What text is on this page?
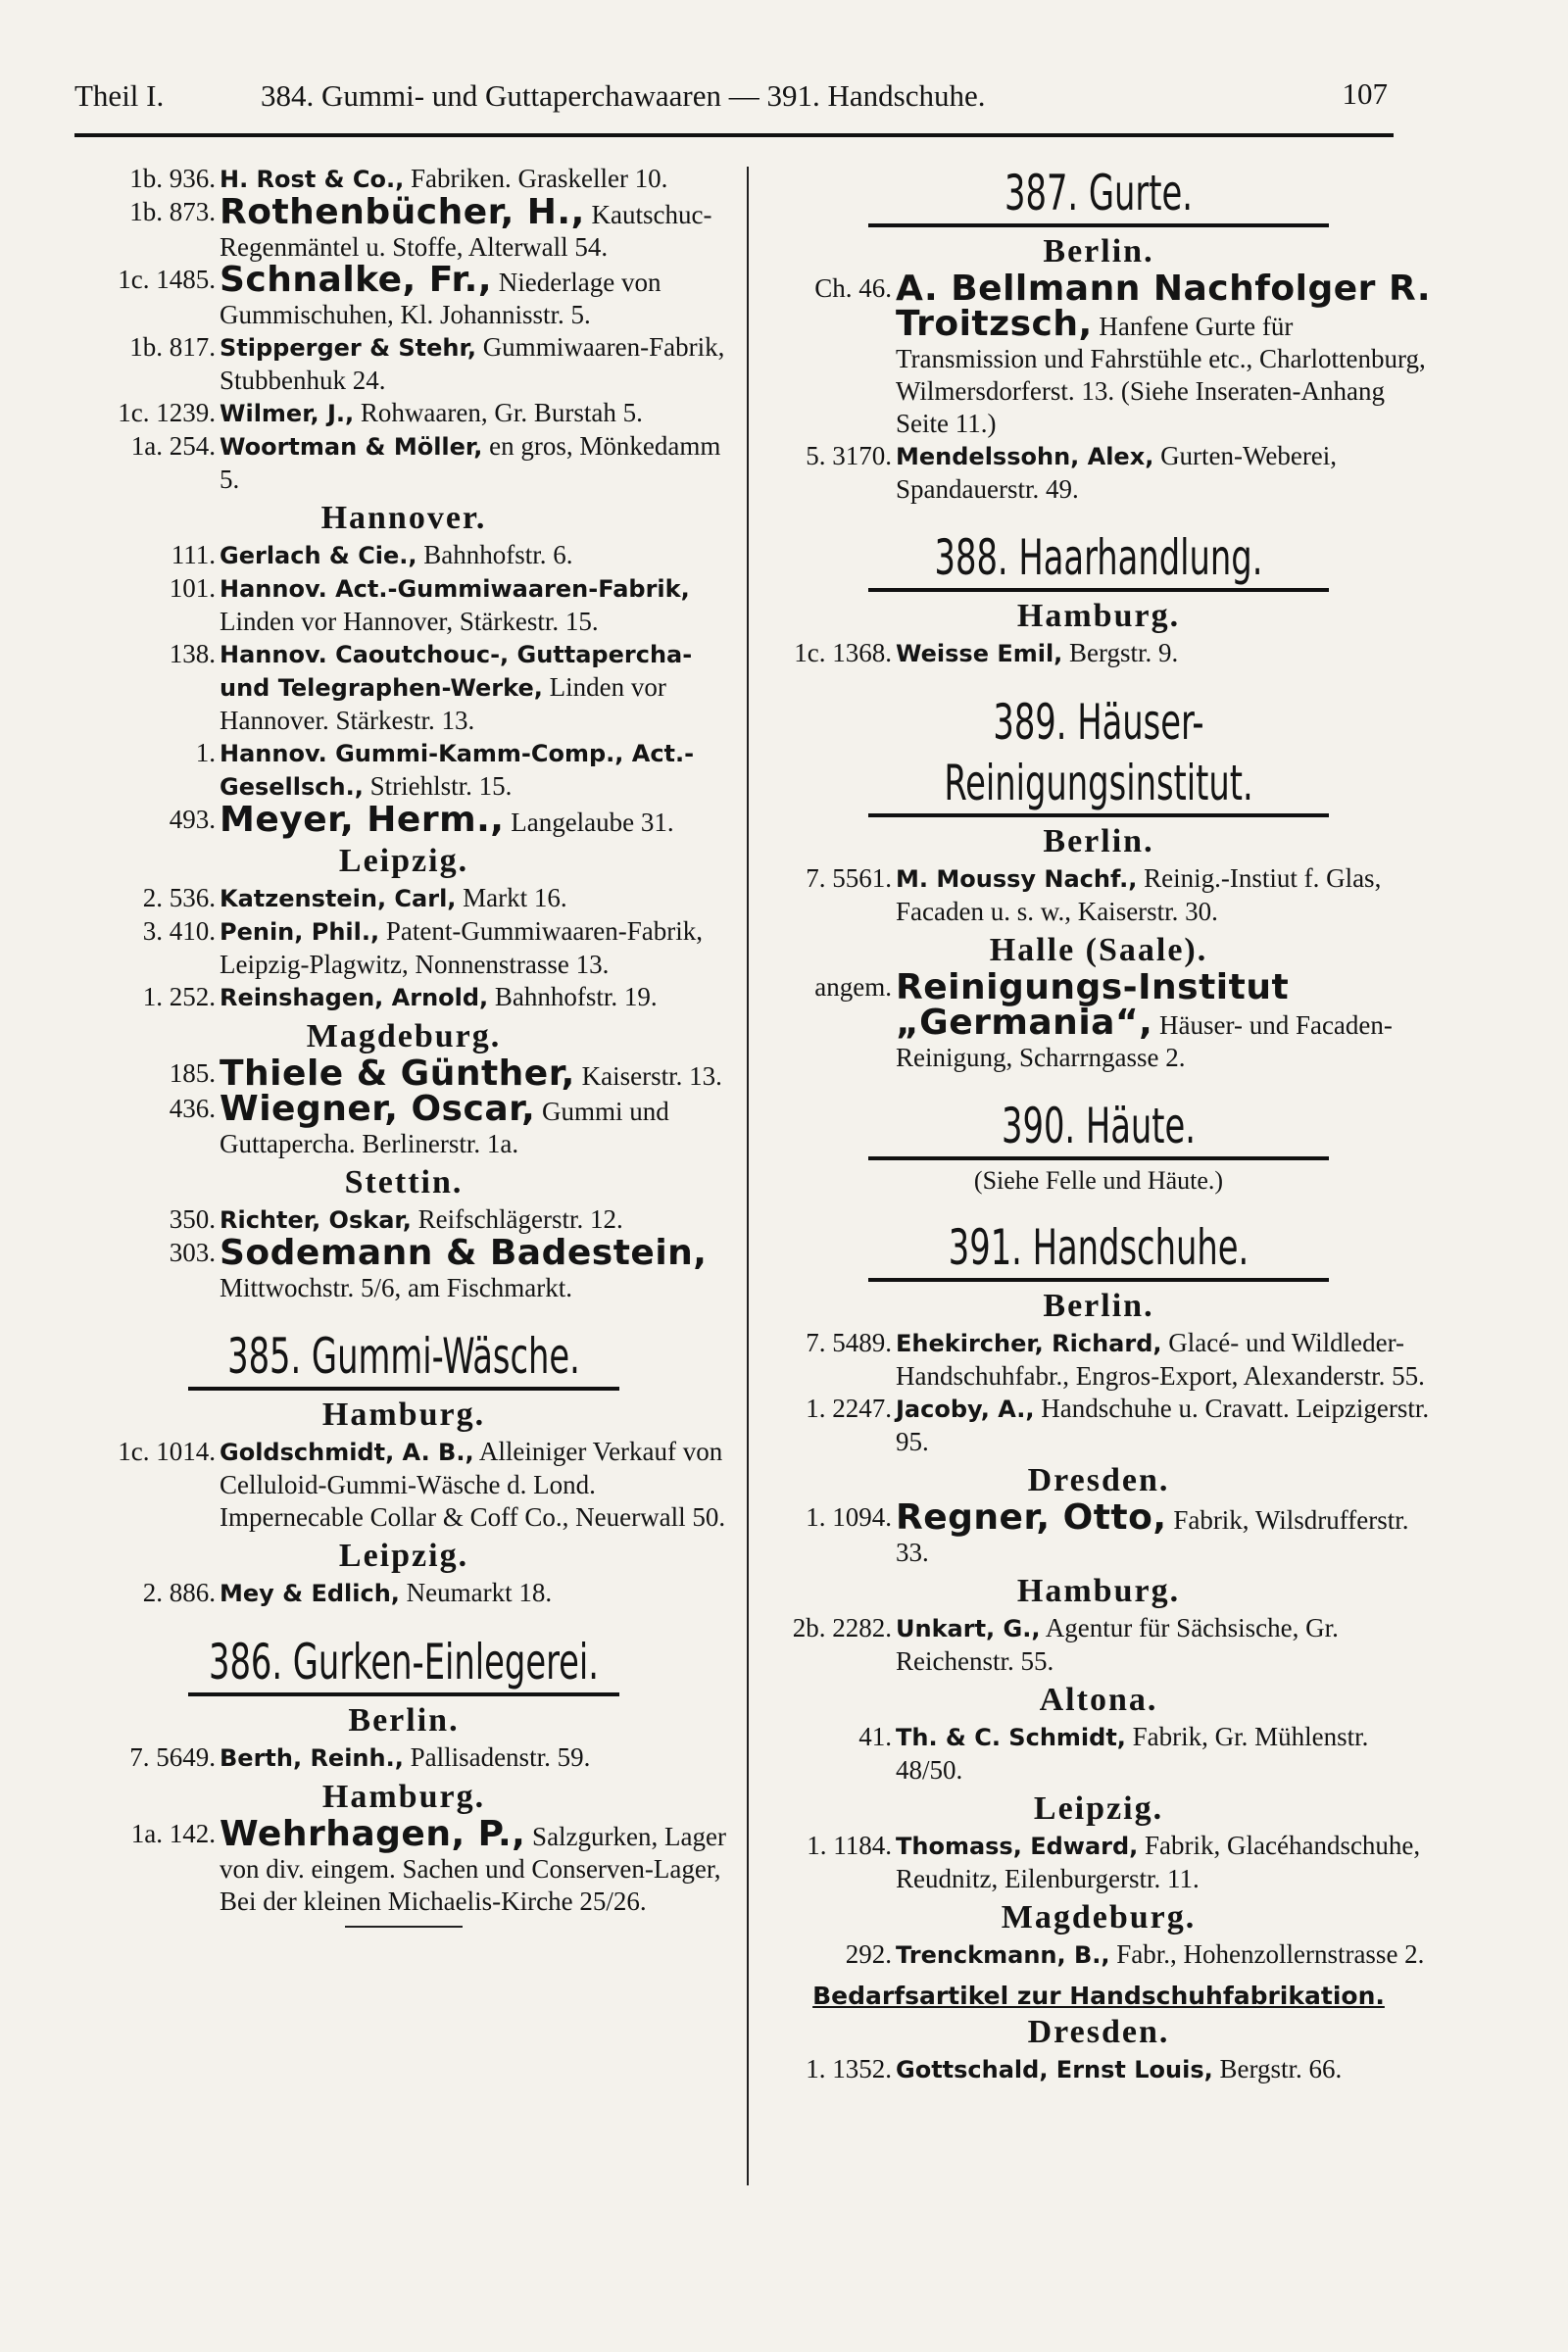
Theil I.	384. Gummi- und Guttaperchawaaren — 391. Handschuhe.	107
1b. 936. H. Rost & Co., Fabriken. Graskeller 10.

1b. 873. Rothenbücher, H., Kautschuc-Regenmäntel u. Stoffe, Alterwall 54.

1c. 1485. Schnalke, Fr., Niederlage von Gummischuhen, Kl. Johannisstr. 5.

1b. 817. Stipperger & Stehr, Gummiwaaren-Fabrik, Stubbenhuk 24.

1c. 1239. Wilmer, J., Rohwaaren, Gr. Burstah 5.

1a. 254. Woortman & Möller, en gros, Mönkedamm 5.

Hannover.
111. Gerlach & Cie., Bahnhofstr. 6.

101. Hannov. Act.-Gummiwaaren-Fabrik, Linden vor Hannover, Stärkestr. 15.

138. Hannov. Caoutchouc-, Guttapercha- und Telegraphen-Werke, Linden vor Hannover. Stärkestr. 13.

1. Hannov. Gummi-Kamm-Comp., Act.-Gesellsch., Striehlstr. 15.

493. Meyer, Herm., Langelaube 31.

Leipzig.
2. 536. Katzenstein, Carl, Markt 16.

3. 410. Penin, Phil., Patent-Gummiwaaren-Fabrik, Leipzig-Plagwitz, Nonnenstrasse 13.

1. 252. Reinshagen, Arnold, Bahnhofstr. 19.

Magdeburg.
185. Thiele & Günther, Kaiserstr. 13.

436. Wiegner, Oscar, Gummi und Guttapercha. Berlinerstr. 1a.

Stettin.
350. Richter, Oskar, Reifschlägerstr. 12.

303. Sodemann & Badestein, Mittwochstr. 5/6, am Fischmarkt.

385. Gummi-Wäsche.
Hamburg.
1c. 1014. Goldschmidt, A. B., Alleiniger Verkauf von Celluloid-Gummi-Wäsche d. Lond. Impernecable Collar & Coff Co., Neuerwall 50.

Leipzig.
2. 886. Mey & Edlich, Neumarkt 18.

386. Gurken-Einlegerei.
Berlin.
7. 5649. Berth, Reinh., Pallisadenstr. 59.

Hamburg.
1a. 142. Wehrhagen, P., Salzgurken, Lager von div. eingem. Sachen und Conserven-Lager, Bei der kleinen Michaelis-Kirche 25/26.

387. Gurte.
Berlin.
Ch. 46. A. Bellmann Nachfolger R. Troitzsch, Hanfene Gurte für Transmission und Fahrstühle etc., Charlottenburg, Wilmersdorferst. 13. (Siehe Inseraten-Anhang Seite 11.)

5. 3170. Mendelssohn, Alex, Gurten-Weberei, Spandauerstr. 49.

388. Haarhandlung.
Hamburg.
1c. 1368. Weisse Emil, Bergstr. 9.

389. Häuser-Reinigungsinstitut.
Berlin.
7. 5561. M. Moussy Nachf., Reinig.-Instiut f. Glas, Facaden u. s. w., Kaiserstr. 30.

Halle (Saale).
angem. Reinigungs-Institut „Germania“, Häuser- und Facaden-Reinigung, Scharrngasse 2.

390. Häute.
(Siehe Felle und Häute.)
391. Handschuhe.
Berlin.
7. 5489. Ehekircher, Richard, Glacé- und Wildleder-Handschuhfabr., Engros-Export, Alexanderstr. 55.

1. 2247. Jacoby, A., Handschuhe u. Cravatt. Leipzigerstr. 95.

Dresden.
1. 1094. Regner, Otto, Fabrik, Wilsdrufferstr. 33.

Hamburg.
2b. 2282. Unkart, G., Agentur für Sächsische, Gr. Reichenstr. 55.

Altona.
41. Th. & C. Schmidt, Fabrik, Gr. Mühlenstr. 48/50.

Leipzig.
1. 1184. Thomass, Edward, Fabrik, Glacéhandschuhe, Reudnitz, Eilenburgerstr. 11.

Magdeburg.
292. Trenckmann, B., Fabr., Hohenzollernstrasse 2.

Bedarfsartikel zur Handschuhfabrikation.
Dresden.
1. 1352. Gottschald, Ernst Louis, Bergstr. 66.
